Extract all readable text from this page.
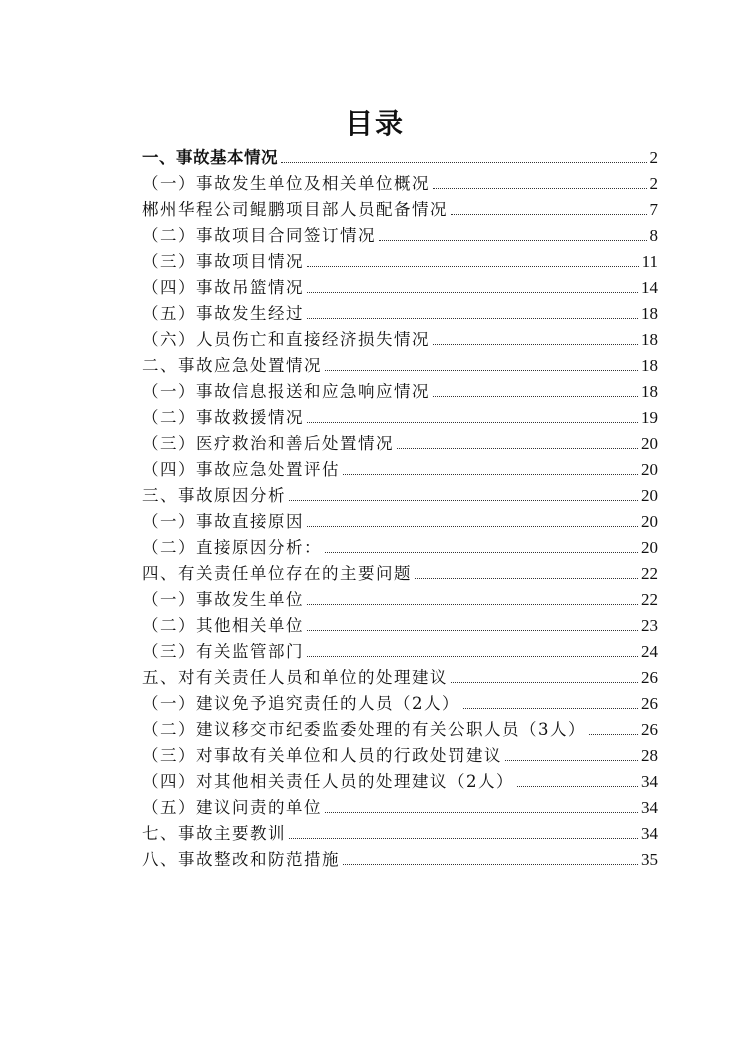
目录
一、事故基本情况	2
（一）事故发生单位及相关单位概况	2
郴州华程公司鲲鹏项目部人员配备情况	7
（二）事故项目合同签订情况	8
（三）事故项目情况	11
（四）事故吊篮情况	14
（五）事故发生经过	18
（六）人员伤亡和直接经济损失情况	18
二、事故应急处置情况	18
（一）事故信息报送和应急响应情况	18
（二）事故救援情况	19
（三）医疗救治和善后处置情况	20
（四）事故应急处置评估	20
三、事故原因分析	20
（一）事故直接原因	20
（二）直接原因分析：	20
四、有关责任单位存在的主要问题	22
（一）事故发生单位	22
（二）其他相关单位	23
（三）有关监管部门	24
五、对有关责任人员和单位的处理建议	26
（一）建议免予追究责任的人员（2人）	26
（二）建议移交市纪委监委处理的有关公职人员（3人）	26
（三）对事故有关单位和人员的行政处罚建议	28
（四）对其他相关责任人员的处理建议（2人）	34
（五）建议问责的单位	34
七、事故主要教训	34
八、事故整改和防范措施	35
